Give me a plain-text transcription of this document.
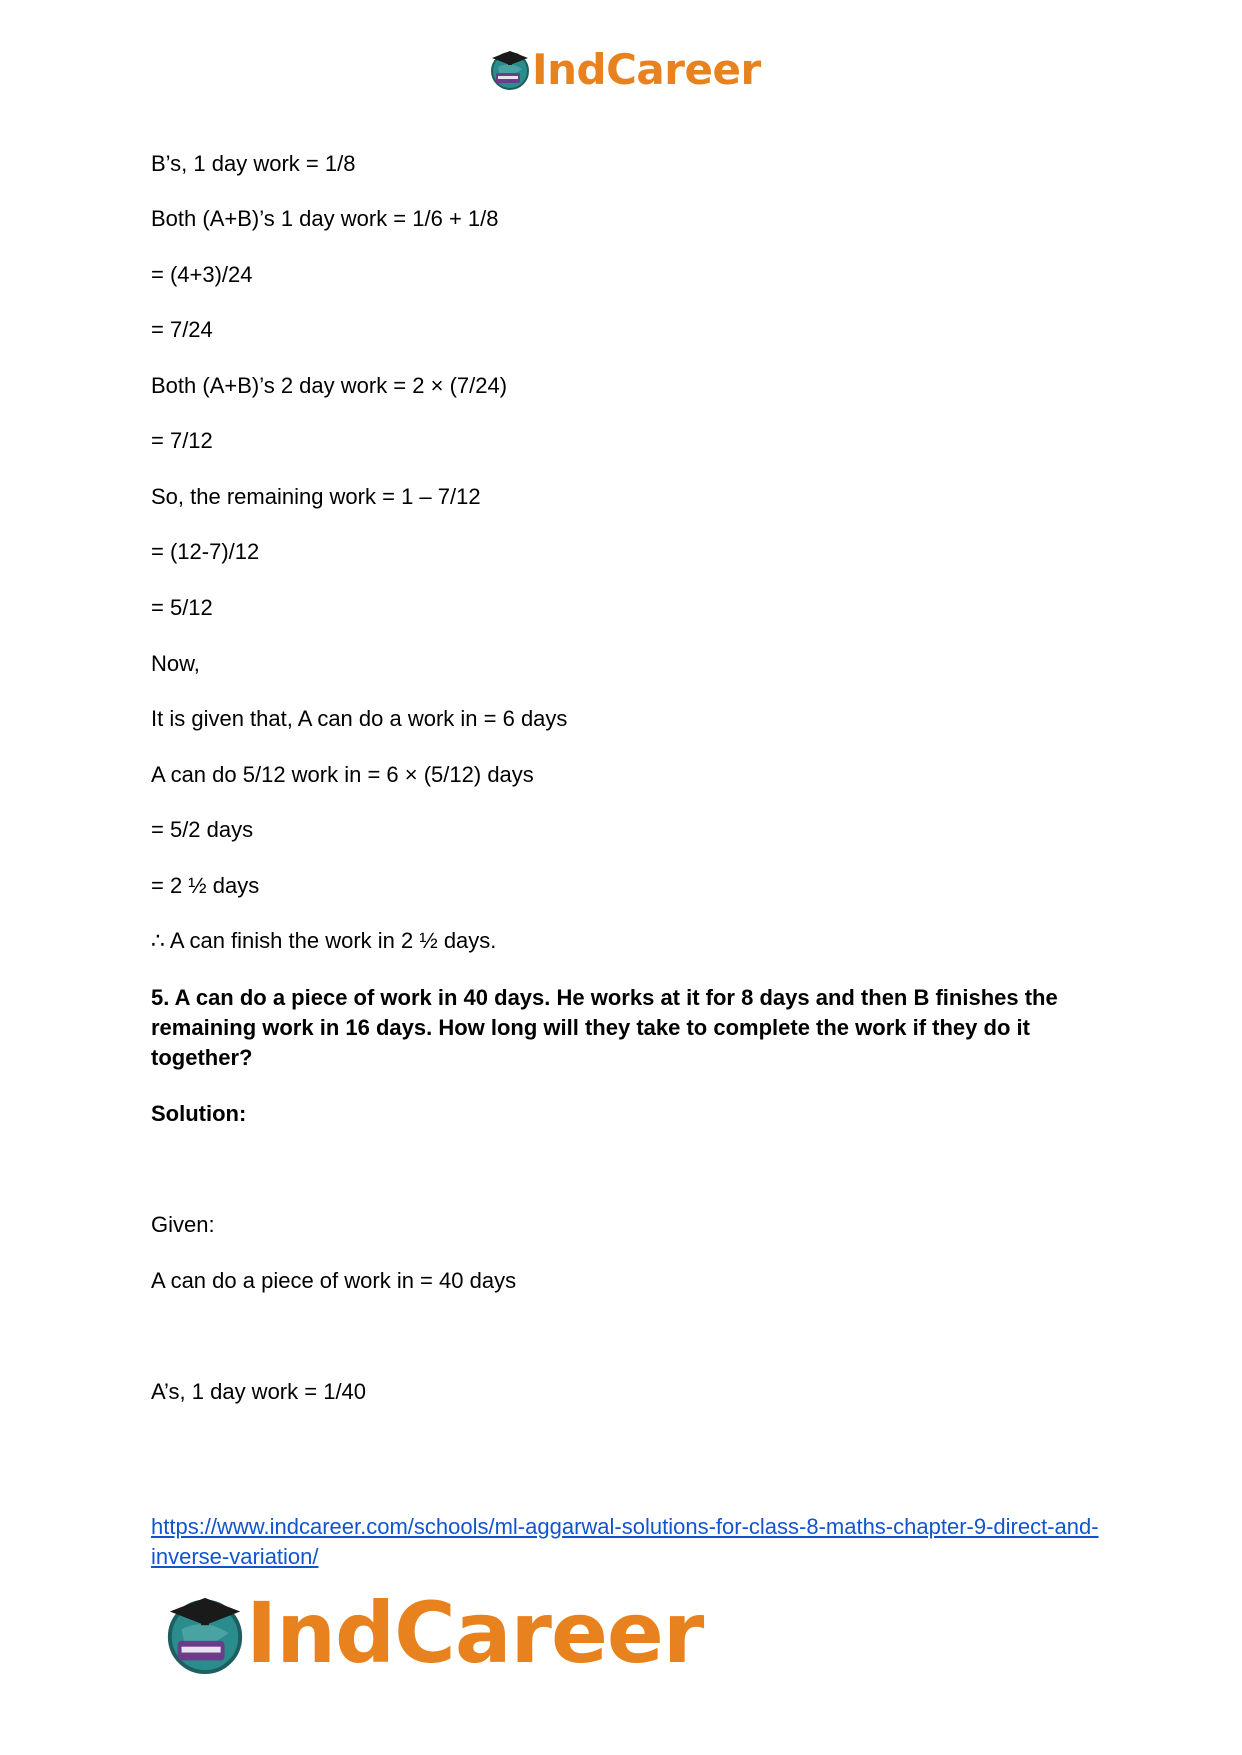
IndCareer
B’s, 1 day work = 1/8
Both (A+B)’s 1 day work = 1/6 + 1/8
= (4+3)/24
= 7/24
Both (A+B)’s 2 day work = 2 × (7/24)
= 7/12
So, the remaining work = 1 – 7/12
= (12-7)/12
= 5/12
Now,
It is given that, A can do a work in = 6 days
A can do 5/12 work in = 6 × (5/12) days
= 5/2 days
= 2 ½ days
∴ A can finish the work in 2 ½ days.
5. A can do a piece of work in 40 days. He works at it for 8 days and then B finishes the remaining work in 16 days. How long will they take to complete the work if they do it together?
Solution:
Given:
A can do a piece of work in = 40 days
A’s, 1 day work = 1/40
https://www.indcareer.com/schools/ml-aggarwal-solutions-for-class-8-maths-chapter-9-direct-and-inverse-variation/
IndCareer
